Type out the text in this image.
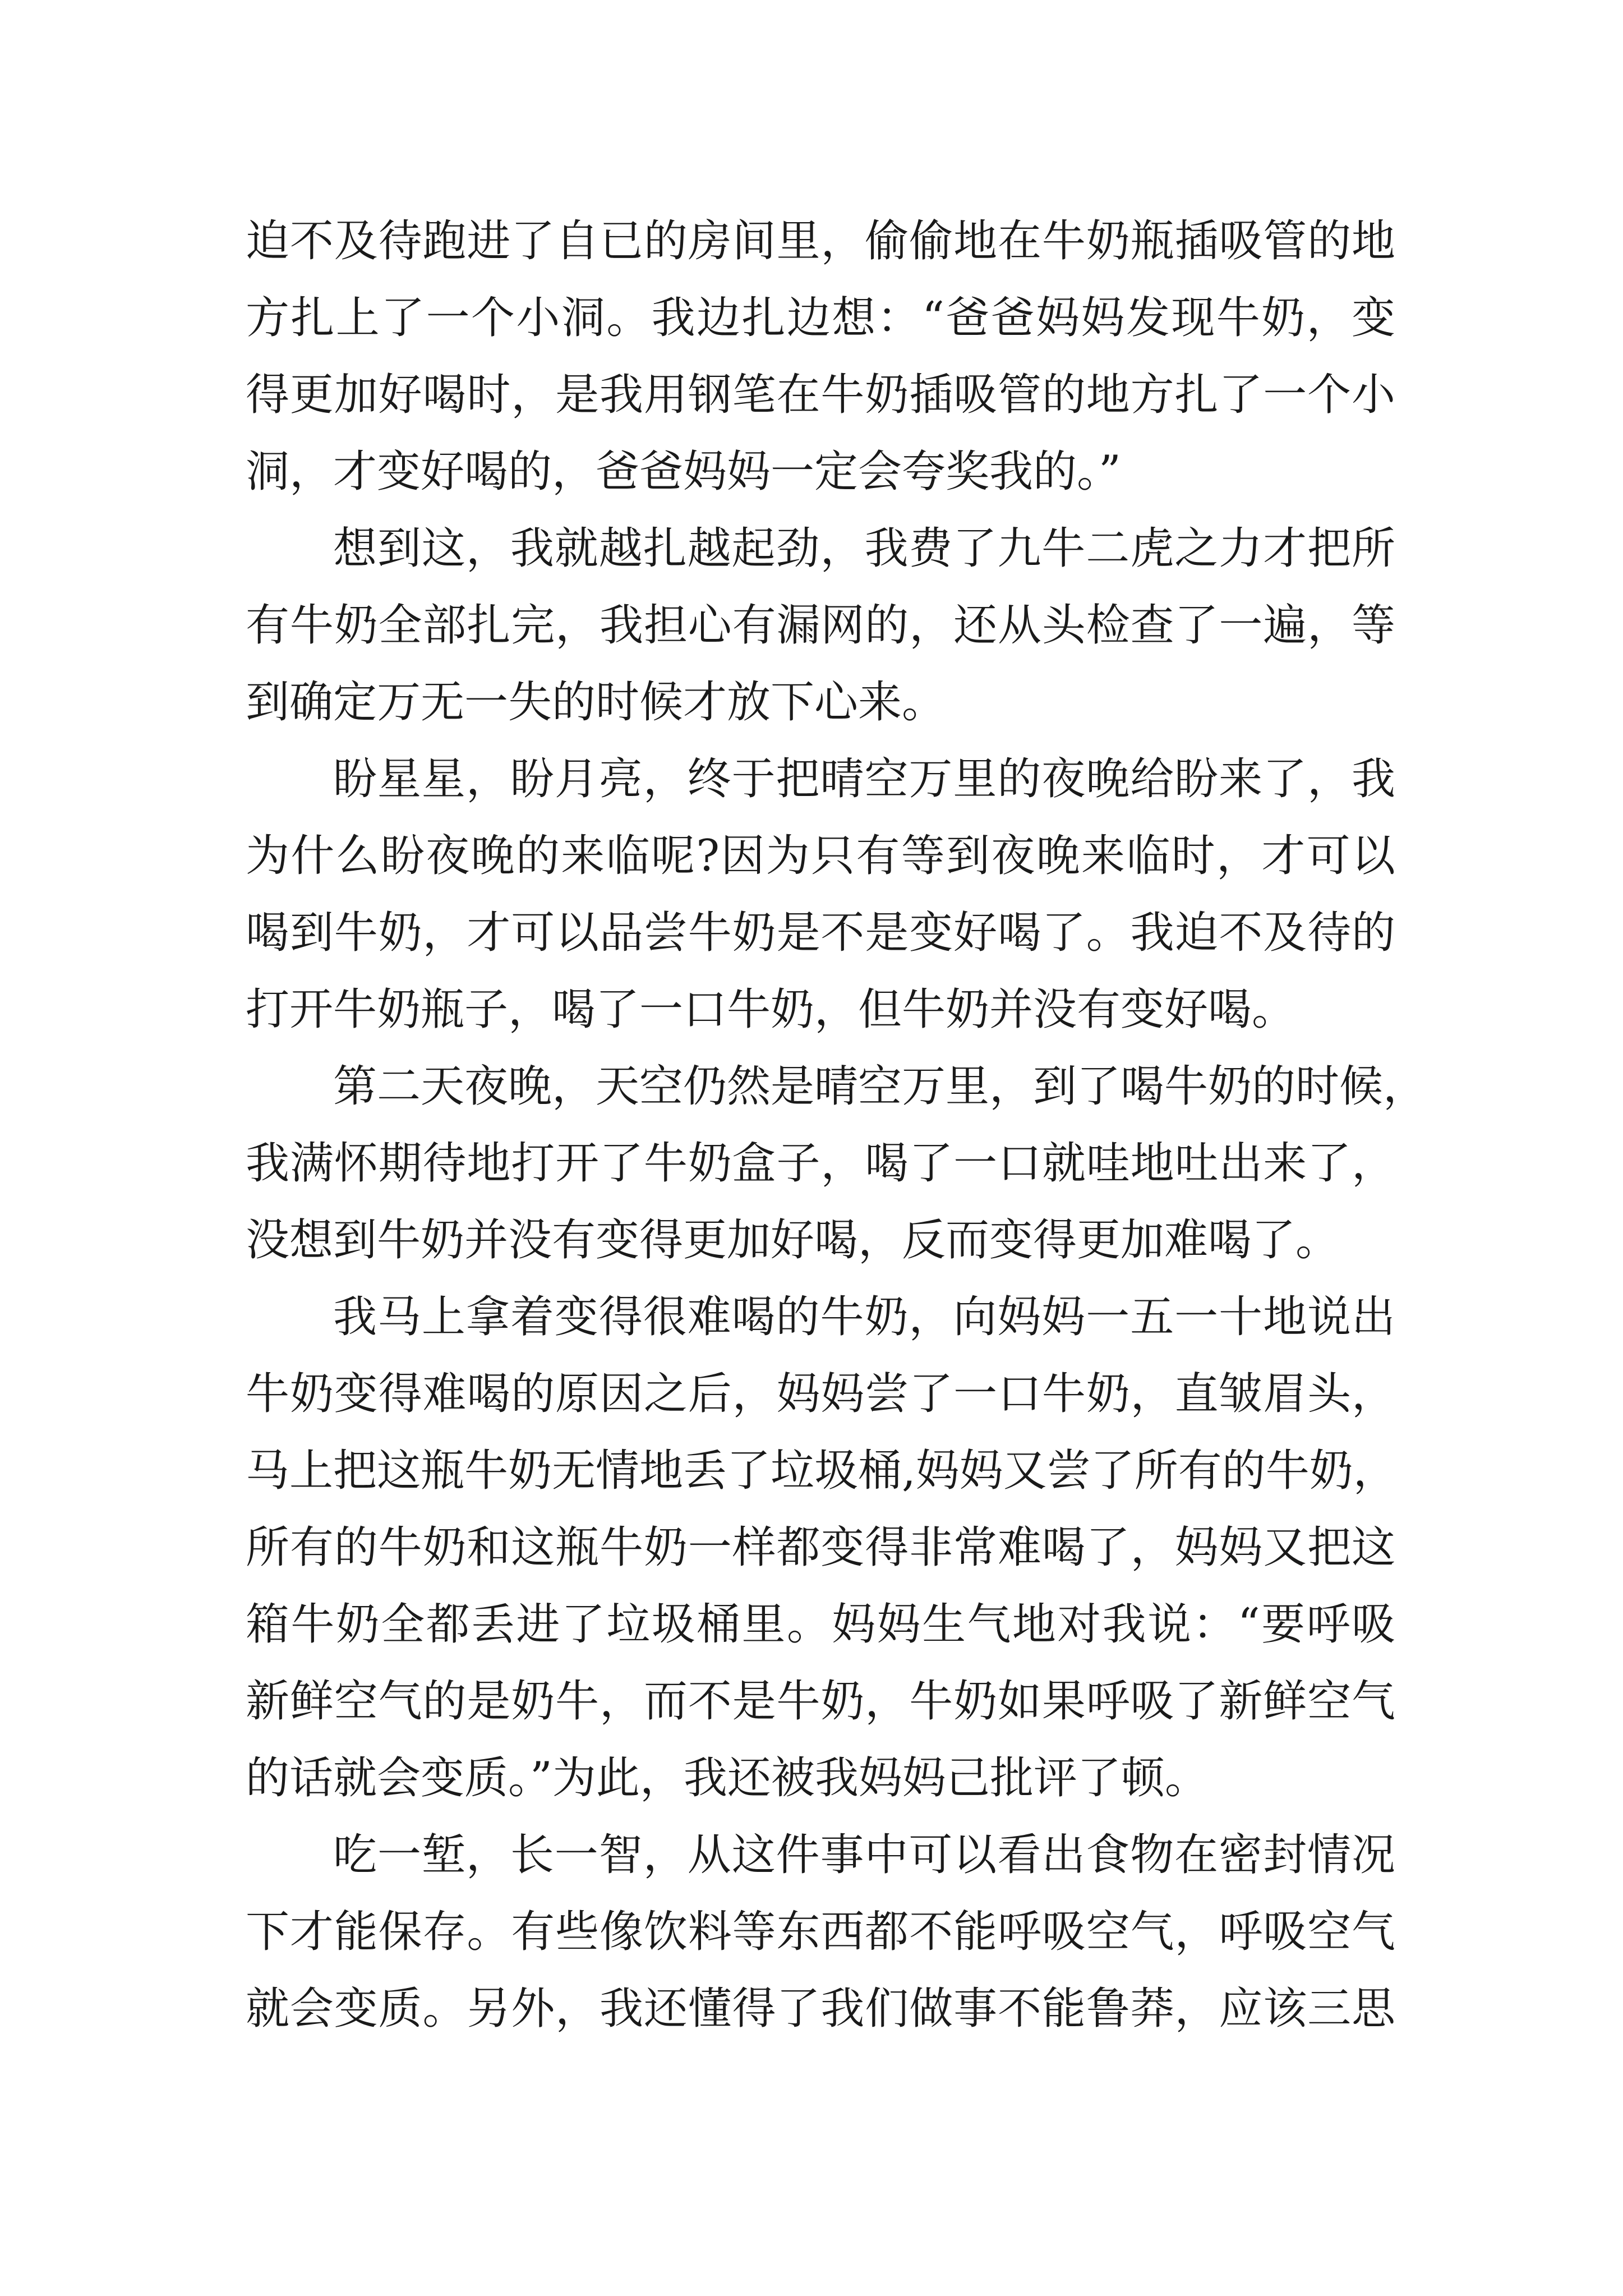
迫不及待跑进了自已的房间里，偷偷地在牛奶瓶插吸管的地
方扎上了一个小洞。我边扎边想：“爸爸妈妈发现牛奶，变
得更加好喝时，是我用钢笔在牛奶插吸管的地方扎了一个小
洞，才变好喝的，爸爸妈妈一定会夸奖我的。”
想到这，我就越扎越起劲，我费了九牛二虎之力才把所
有牛奶全部扎完，我担心有漏网的，还从头检查了一遍，等
到确定万无一失的时候才放下心来。
盼星星，盼月亮，终于把晴空万里的夜晚给盼来了，我
为什么盼夜晚的来临呢?因为只有等到夜晚来临时，才可以
喝到牛奶，才可以品尝牛奶是不是变好喝了。我迫不及待的
打开牛奶瓶子，喝了一口牛奶，但牛奶并没有变好喝。
第二天夜晚，天空仍然是晴空万里，到了喝牛奶的时候，
我满怀期待地打开了牛奶盒子，喝了一口就哇地吐出来了，
没想到牛奶并没有变得更加好喝，反而变得更加难喝了。
我马上拿着变得很难喝的牛奶，向妈妈一五一十地说出
牛奶变得难喝的原因之后，妈妈尝了一口牛奶，直皱眉头，
马上把这瓶牛奶无情地丢了垃圾桶,妈妈又尝了所有的牛奶，
所有的牛奶和这瓶牛奶一样都变得非常难喝了，妈妈又把这
箱牛奶全都丢进了垃圾桶里。妈妈生气地对我说：“要呼吸
新鲜空气的是奶牛，而不是牛奶，牛奶如果呼吸了新鲜空气
的话就会变质。”为此，我还被我妈妈己批评了顿。
吃一堑，长一智，从这件事中可以看出食物在密封情况
下才能保存。有些像饮料等东西都不能呼吸空气，呼吸空气
就会变质。另外，我还懂得了我们做事不能鲁莽，应该三思
